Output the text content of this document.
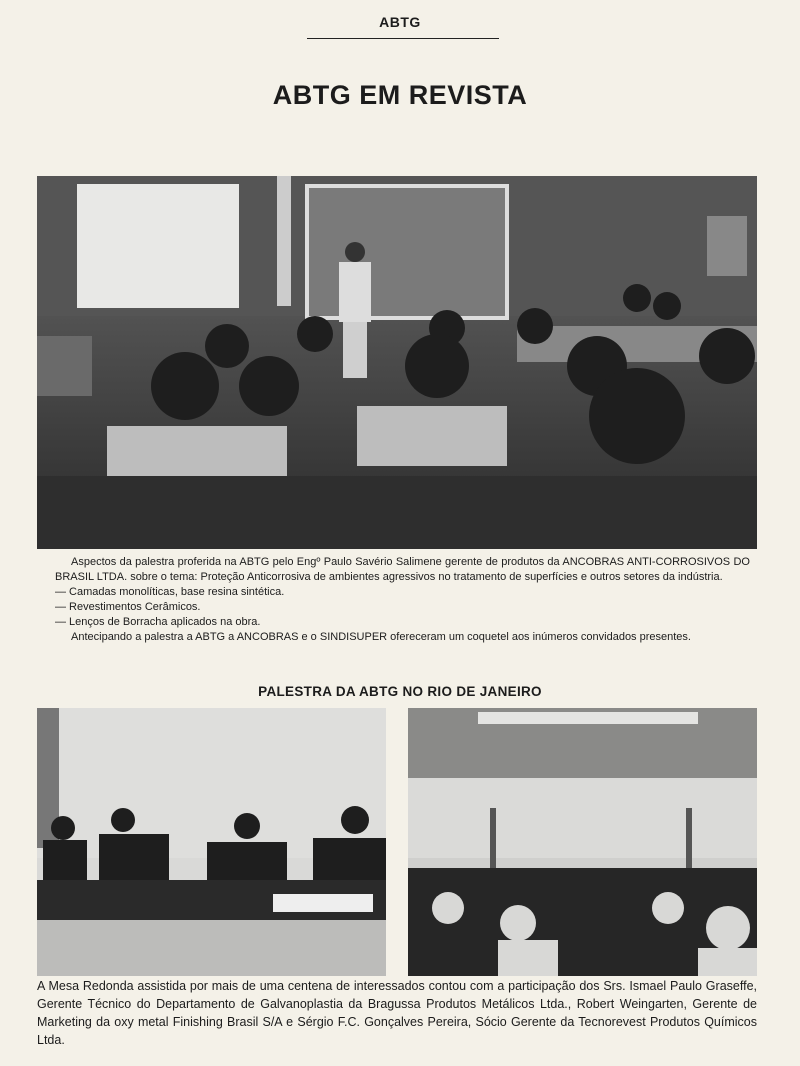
ABTG
ABTG EM REVISTA

Aspectos da palestra proferida na ABTG pelo Engº Paulo Savério Salimene gerente de produtos da ANCOBRAS ANTI-CORROSIVOS DO BRASIL LTDA. sobre o tema: Proteção Anticorrosiva de ambientes agressivos no tratamento de superfícies e outros setores da indústria.

— Camadas monolíticas, base resina sintética.

— Revestimentos Cerâmicos.

— Lenços de Borracha aplicados na obra.

Antecipando a palestra a ABTG a ANCOBRAS e o SINDISUPER ofereceram um coquetel aos inúmeros convidados presentes.

PALESTRA DA ABTG NO RIO DE JANEIRO
A Mesa Redonda assistida por mais de uma centena de interessados contou com a participação dos Srs. Ismael Paulo Graseffe, Gerente Técnico do Departamento de Galvanoplastia da Bragussa Produtos Metálicos Ltda., Robert Weingarten, Gerente de Marketing da oxy metal Finishing Brasil S/A e Sérgio F.C. Gonçalves Pereira, Sócio Gerente da Tecnorevest Produtos Químicos Ltda.
